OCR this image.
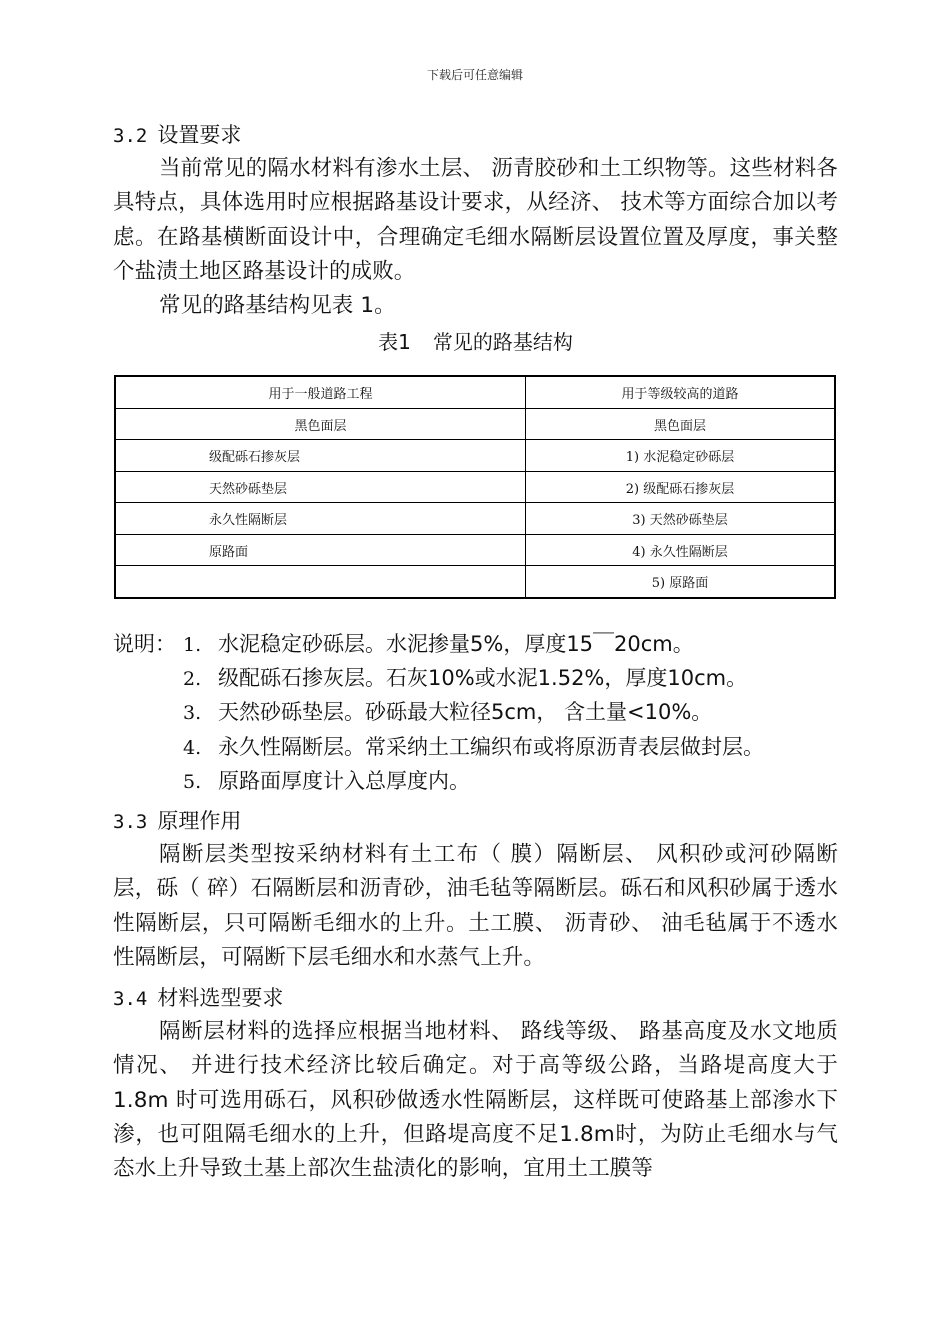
下载后可任意编辑
3.2 设置要求

当前常见的隔水材料有渗水土层、 沥青胶砂和土工织物等。这些材料各具特点，具体选用时应根据路基设计要求，从经济、 技术等方面综合加以考虑。在路基横断面设计中，合理确定毛细水隔断层设置位置及厚度，事关整个盐渍土地区路基设计的成败。

常见的路基结构见表 1。

表1 常见的路基结构
用于一般道路工程	用于等级较高的道路
黑色面层	黑色面层
级配砾石掺灰层	1) 水泥稳定砂砾层
天然砂砾垫层	2) 级配砾石掺灰层
永久性隔断层	3) 天然砂砾垫层
原路面	4) 永久性隔断层
	5) 原路面
说明： 1. 水泥稳定砂砾层。水泥掺量5%，厚度15￣20cm。
2. 级配砾石掺灰层。石灰10%或水泥1.52%，厚度10cm。
3. 天然砂砾垫层。砂砾最大粒径5cm， 含土量<10%。
4. 永久性隔断层。常采纳土工编织布或将原沥青表层做封层。
5. 原路面厚度计入总厚度内。
3.3 原理作用

隔断层类型按采纳材料有土工布（ 膜）隔断层、 风积砂或河砂隔断层，砾（ 碎）石隔断层和沥青砂，油毛毡等隔断层。砾石和风积砂属于透水性隔断层，只可隔断毛细水的上升。土工膜、 沥青砂、 油毛毡属于不透水性隔断层，可隔断下层毛细水和水蒸气上升。

3.4 材料选型要求

隔断层材料的选择应根据当地材料、 路线等级、 路基高度及水文地质情况、 并进行技术经济比较后确定。对于高等级公路，当路堤高度大于1.8m 时可选用砾石，风积砂做透水性隔断层，这样既可使路基上部渗水下渗，也可阻隔毛细水的上升，但路堤高度不足1.8m时，为防止毛细水与气态水上升导致土基上部次生盐渍化的影响，宜用土工膜等
